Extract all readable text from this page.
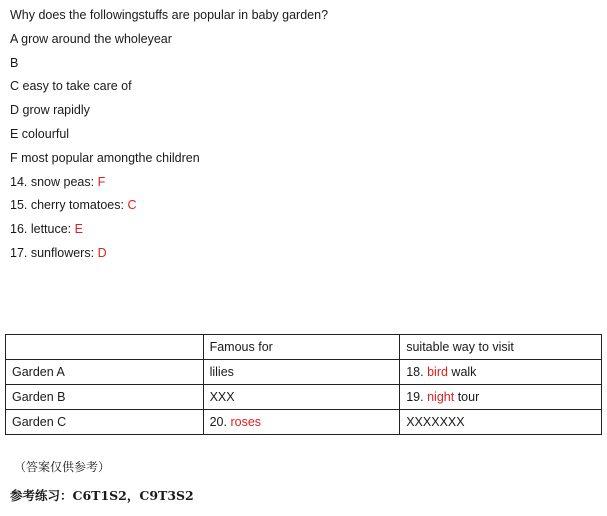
Why does the followingstuffs are popular in baby garden?
A grow around the wholeyear
B
C easy to take care of
D grow rapidly
E colourful
F most popular amongthe children
14. snow peas: F
15. cherry tomatoes: C
16. lettuce: E
17. sunflowers: D
	Famous for	suitable way to visit
Garden A	lilies	18. bird walk
Garden B	XXX	19. night tour
Garden C	20. roses	XXXXXXX
（答案仅供参考）
参考练习：C6T1S2，C9T3S2
